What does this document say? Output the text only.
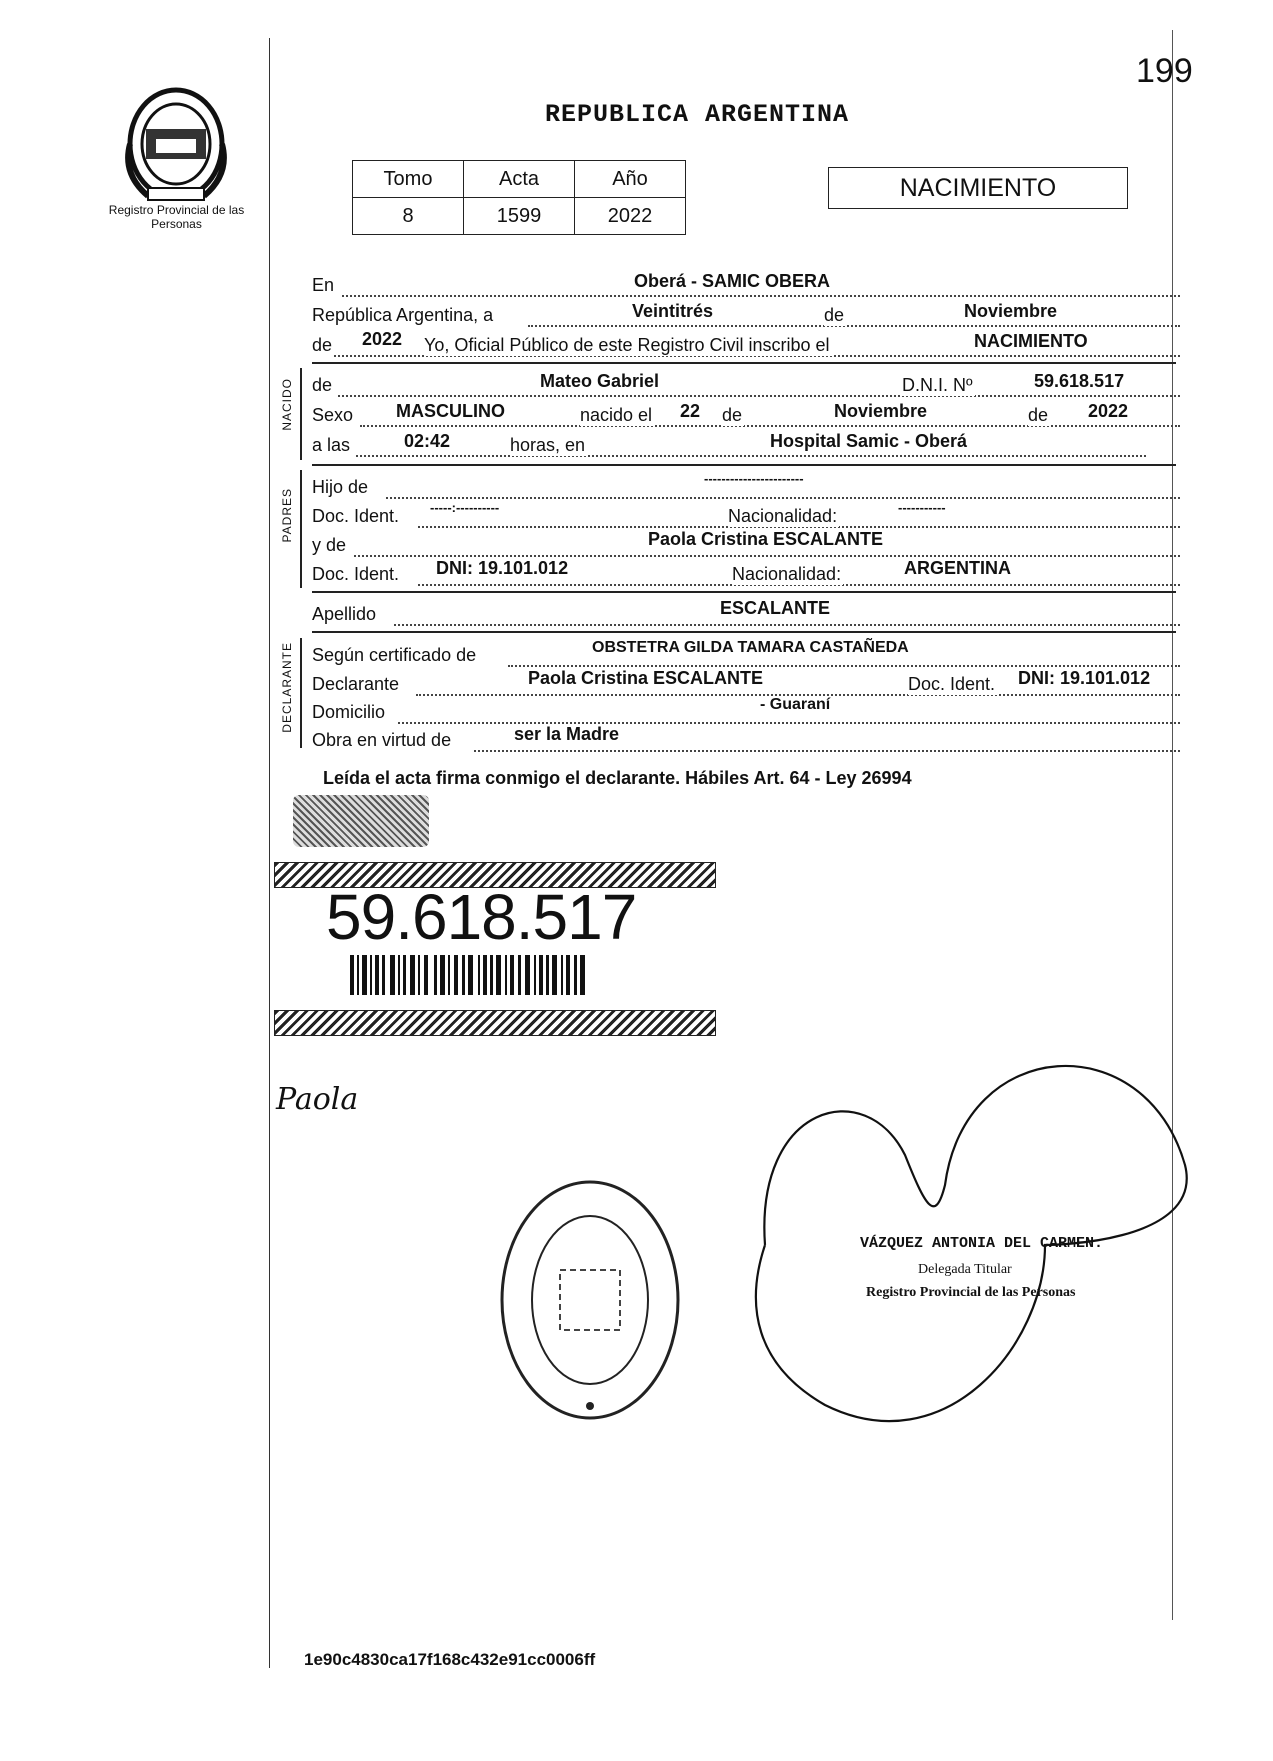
199
Registro Provincial de las Personas
REPUBLICA ARGENTINA
Tomo	Acta	Año
8	1599	2022
NACIMIENTO
En	Oberá - SAMIC OBERA
República Argentina, a	Veintitrés	de	Noviembre
de 2022 Yo, Oficial Público de este Registro Civil inscribo el	NACIMIENTO
NACIDO de	Mateo Gabriel	D.N.I. Nº	59.618.517
Sexo MASCULINO	nacido el 22 de	Noviembre	de 2022
a las	02:42	horas, en	Hospital Samic - Oberá
PADRES
Hijo de	-----------------------
Doc. Ident. -----:----------	Nacionalidad:	-----------
y de	Paola Cristina ESCALANTE
Doc. Ident. DNI: 19.101.012	Nacionalidad:	ARGENTINA
Apellido	ESCALANTE
DECLARANTE Según certificado de	OBSTETRA GILDA TAMARA CASTAÑEDA
Declarante	Paola Cristina ESCALANTE	Doc. Ident. DNI: 19.101.012
Domicilio	- Guaraní
Obra en virtud de	ser la Madre
Leída el acta firma conmigo el declarante. Hábiles Art. 64 - Ley 26994
59.618.517
Paola
VÁZQUEZ ANTONIA DEL CARMEN.
Delegada Titular
Registro Provincial de las Personas
1e90c4830ca17f168c432e91cc0006ff
